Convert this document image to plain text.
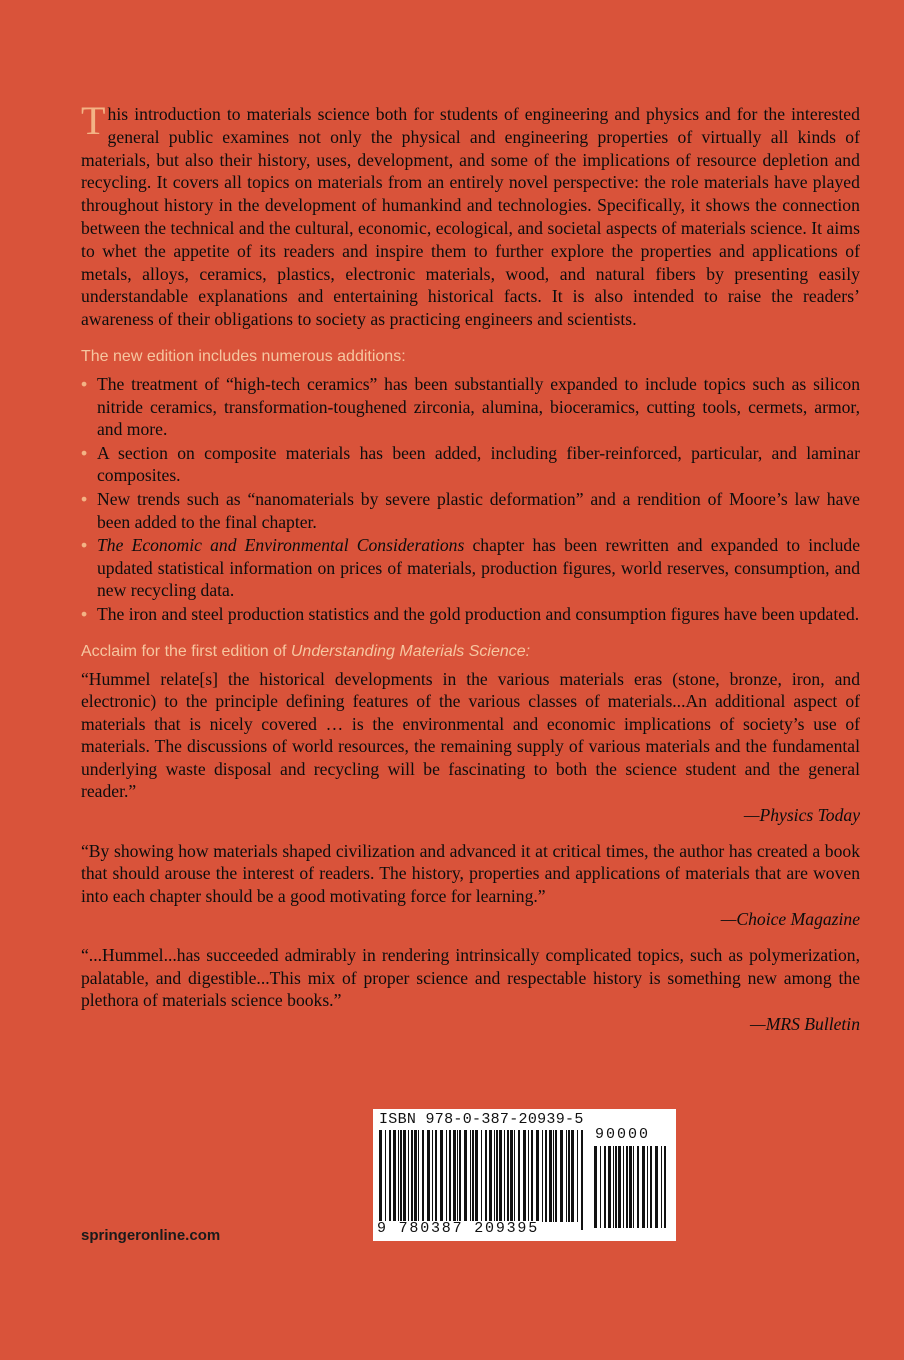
This introduction to materials science both for students of engineering and physics and for the interested general public examines not only the physical and engineering properties of virtually all kinds of materials, but also their history, uses, development, and some of the implications of resource depletion and recycling. It covers all topics on materials from an entirely novel perspective: the role materials have played throughout history in the development of humankind and technologies. Specifically, it shows the connection between the technical and the cultural, economic, ecological, and societal aspects of materials science. It aims to whet the appetite of its readers and inspire them to further explore the properties and applications of metals, alloys, ceramics, plastics, electronic materials, wood, and natural fibers by presenting easily understandable explanations and entertaining historical facts. It is also intended to raise the readers’ awareness of their obligations to society as practicing engineers and scientists.

The new edition includes numerous additions:
• The treatment of “high-tech ceramics” has been substantially expanded to include topics such as silicon nitride ceramics, transformation-toughened zirconia, alumina, bioceramics, cutting tools, cermets, armor, and more.
• A section on composite materials has been added, including fiber-reinforced, particular, and laminar composites.
• New trends such as “nanomaterials by severe plastic deformation” and a rendition of Moore’s law have been added to the final chapter.
• The Economic and Environmental Considerations chapter has been rewritten and expanded to include updated statistical information on prices of materials, production figures, world reserves, consumption, and new recycling data.
• The iron and steel production statistics and the gold production and consumption figures have been updated.
Acclaim for the first edition of Understanding Materials Science:

“Hummel relate[s] the historical developments in the various materials eras (stone, bronze, iron, and electronic) to the principle defining features of the various classes of materials...An additional aspect of materials that is nicely covered … is the environmental and economic implications of society’s use of materials. The discussions of world resources, the remaining supply of various materials and the fundamental underlying waste disposal and recycling will be fascinating to both the science student and the general reader.”

—Physics Today

“By showing how materials shaped civilization and advanced it at critical times, the author has created a book that should arouse the interest of readers. The history, properties and applications of materials that are woven into each chapter should be a good motivating force for learning.”

—Choice Magazine

“...Hummel...has succeeded admirably in rendering intrinsically complicated topics, such as polymerization, palatable, and digestible...This mix of proper science and respectable history is something new among the plethora of materials science books.”

—MRS Bulletin

springeronline.com
ISBN 978-0-387-20939-5
90000
9 780387 209395
